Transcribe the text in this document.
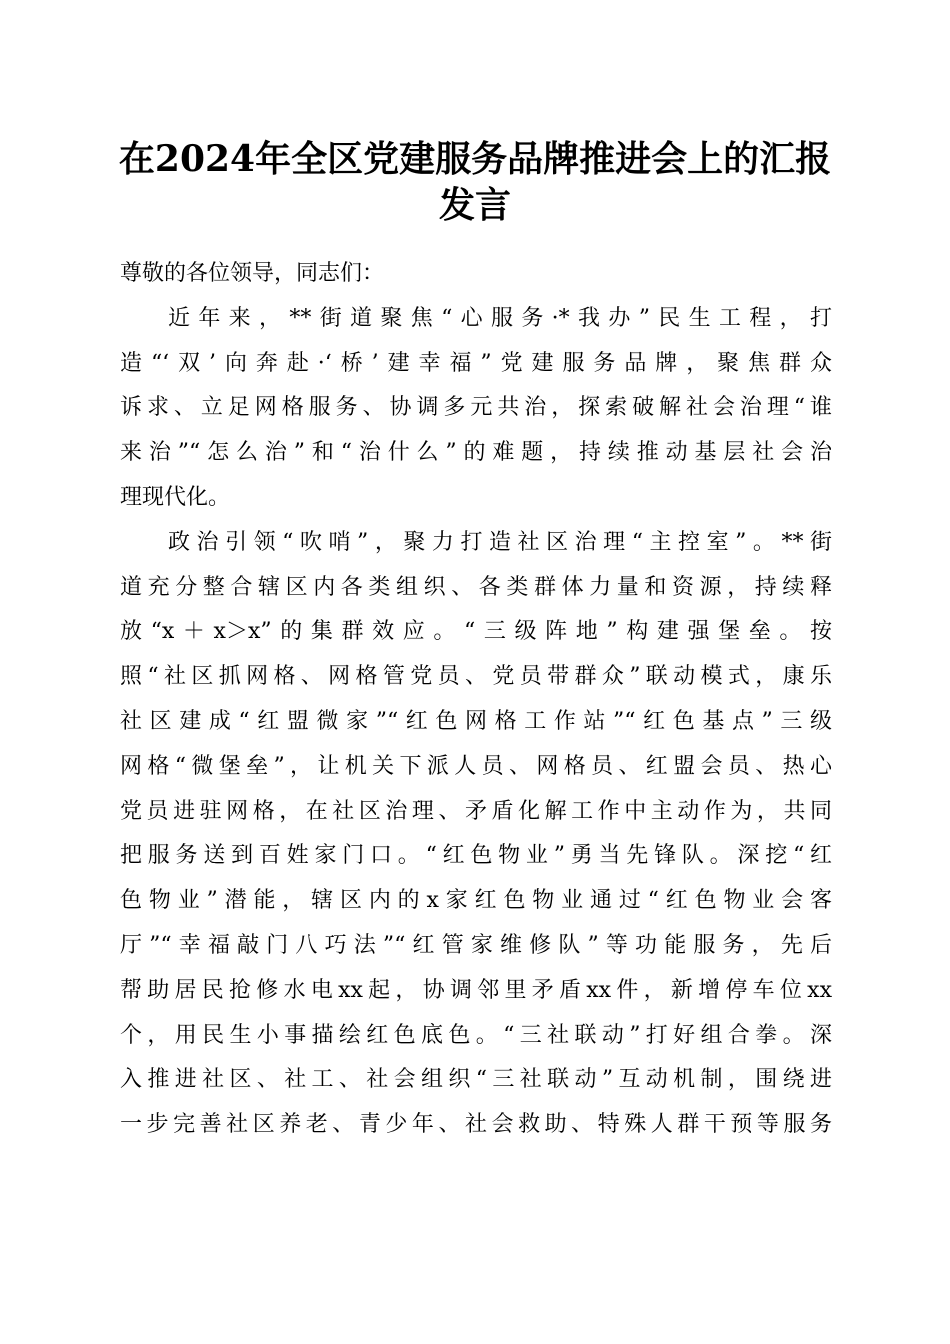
在2024年全区党建服务品牌推进会上的汇报
发言

尊敬的各位领导，同志们：

近年来，**街道聚焦“心服务·*我办”民生工程，打
造“‘双’向奔赴·‘桥’建幸福”党建服务品牌，聚焦群众
诉求、立足网格服务、协调多元共治，探索破解社会治理“谁
来治”“怎么治”和“治什么”的难题，持续推动基层社会治
理现代化。

政治引领“吹哨”，聚力打造社区治理“主控室”。**街
道充分整合辖区内各类组织、各类群体力量和资源，持续释
放“x＋x＞x”的集群效应。“三级阵地”构建强堡垒。按
照“社区抓网格、网格管党员、党员带群众”联动模式，康乐
社区建成“红盟微家”“红色网格工作站”“红色基点”三级
网格“微堡垒”，让机关下派人员、网格员、红盟会员、热心
党员进驻网格，在社区治理、矛盾化解工作中主动作为，共同
把服务送到百姓家门口。“红色物业”勇当先锋队。深挖“红
色物业”潜能，辖区内的x家红色物业通过“红色物业会客
厅”“幸福敲门八巧法”“红管家维修队”等功能服务，先后
帮助居民抢修水电xx起，协调邻里矛盾xx件，新增停车位xx
个，用民生小事描绘红色底色。“三社联动”打好组合拳。深
入推进社区、社工、社会组织“三社联动”互动机制，围绕进
一步完善社区养老、青少年、社会救助、特殊人群干预等服务
